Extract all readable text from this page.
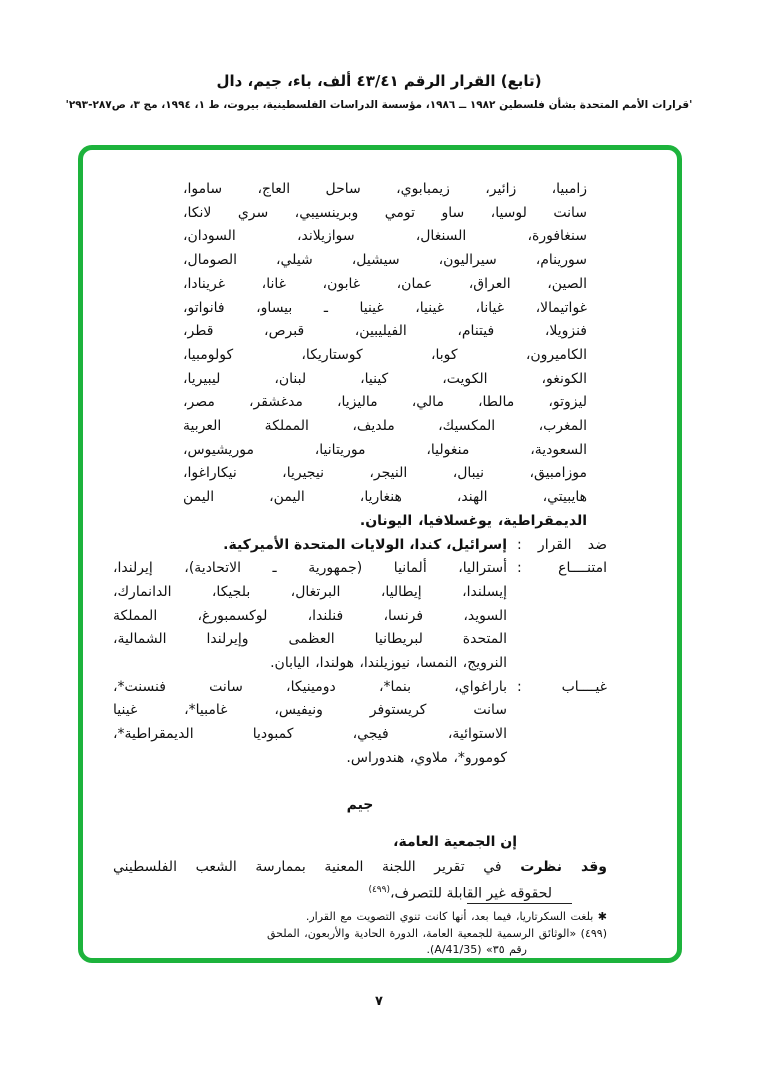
(تابع) القرار الرقم ٤٣/٤١ ألف، باء، جيم، دال
'قرارات الأمم المتحدة بشأن فلسطين ١٩٨٢ ــ ١٩٨٦، مؤسسة الدراسات الفلسطينية، بيروت، ط ١، ١٩٩٤، مج ٣، ص٢٨٧-٢٩٣'
زامبيا، زائير، زيمبابوي، ساحل العاج، ساموا،
سانت لوسيا، ساو تومي وبرينسيبي، سري لانكا،
سنغافورة، السنغال، سوازيلاند، السودان،
سورينام، سيراليون، سيشيل، شيلي، الصومال،
الصين، العراق، عمان، غابون، غانا، غرينادا،
غواتيمالا، غيانا، غينيا، غينيا ـ بيساو، فانواتو،
فنزويلا، فيتنام، الفيليبين، قبرص، قطر،
الكاميرون، كوبا، كوستاريكا، كولومبيا،
الكونغو، الكويت، كينيا، لبنان، ليبيريا،
ليزوتو، مالطا، مالي، ماليزيا، مدغشقر، مصر،
المغرب، المكسيك، ملديف، المملكة العربية
السعودية، منغوليا، موريتانيا، موريشيوس،
موزامبيق، نيبال، النيجر، نيجيريا، نيكاراغوا،
هايبيتي، الهند، هنغاريا، اليمن، اليمن
الديمقراطية، يوغسلافيا، اليونان.
ضد القرار :
إسرائيل، كندا، الولايات المتحدة الأميركية.
امتنــــاع :
أستراليا، ألمانيا (جمهورية ـ الاتحادية)، إيرلندا،
إيسلندا، إيطاليا، البرتغال، بلجيكا، الدانمارك،
السويد، فرنسا، فنلندا، لوكسمبورغ، المملكة
المتحدة لبريطانيا العظمى وإيرلندا الشمالية،
النرويج، النمسا، نيوزيلندا، هولندا، اليابان.
غيــــاب :
باراغواي، بنما*، دومينيكا، سانت فنسنت*،
سانت كريستوفر ونيفيس، غامبيا*، غينيا
الاستوائية، فيجي، كمبوديا الديمقراطية*،
كومورو*، ملاوي، هندوراس.
جيم
إن الجمعية العامة،
وقد نظرت في تقرير اللجنة المعنية بممارسة الشعب الفلسطيني
لحقوقه غير القابلة للتصرف،$^{(٤٩٩)}$
✱ بلغت السكرتاريا، فيما بعد، أنها كانت تنوي التصويت مع القرار.
(٤٩٩) «الوثائق الرسمية للجمعية العامة، الدورة الحادية والأربعون، الملحق
رقم ٣٥» (A/41/35).
٧
